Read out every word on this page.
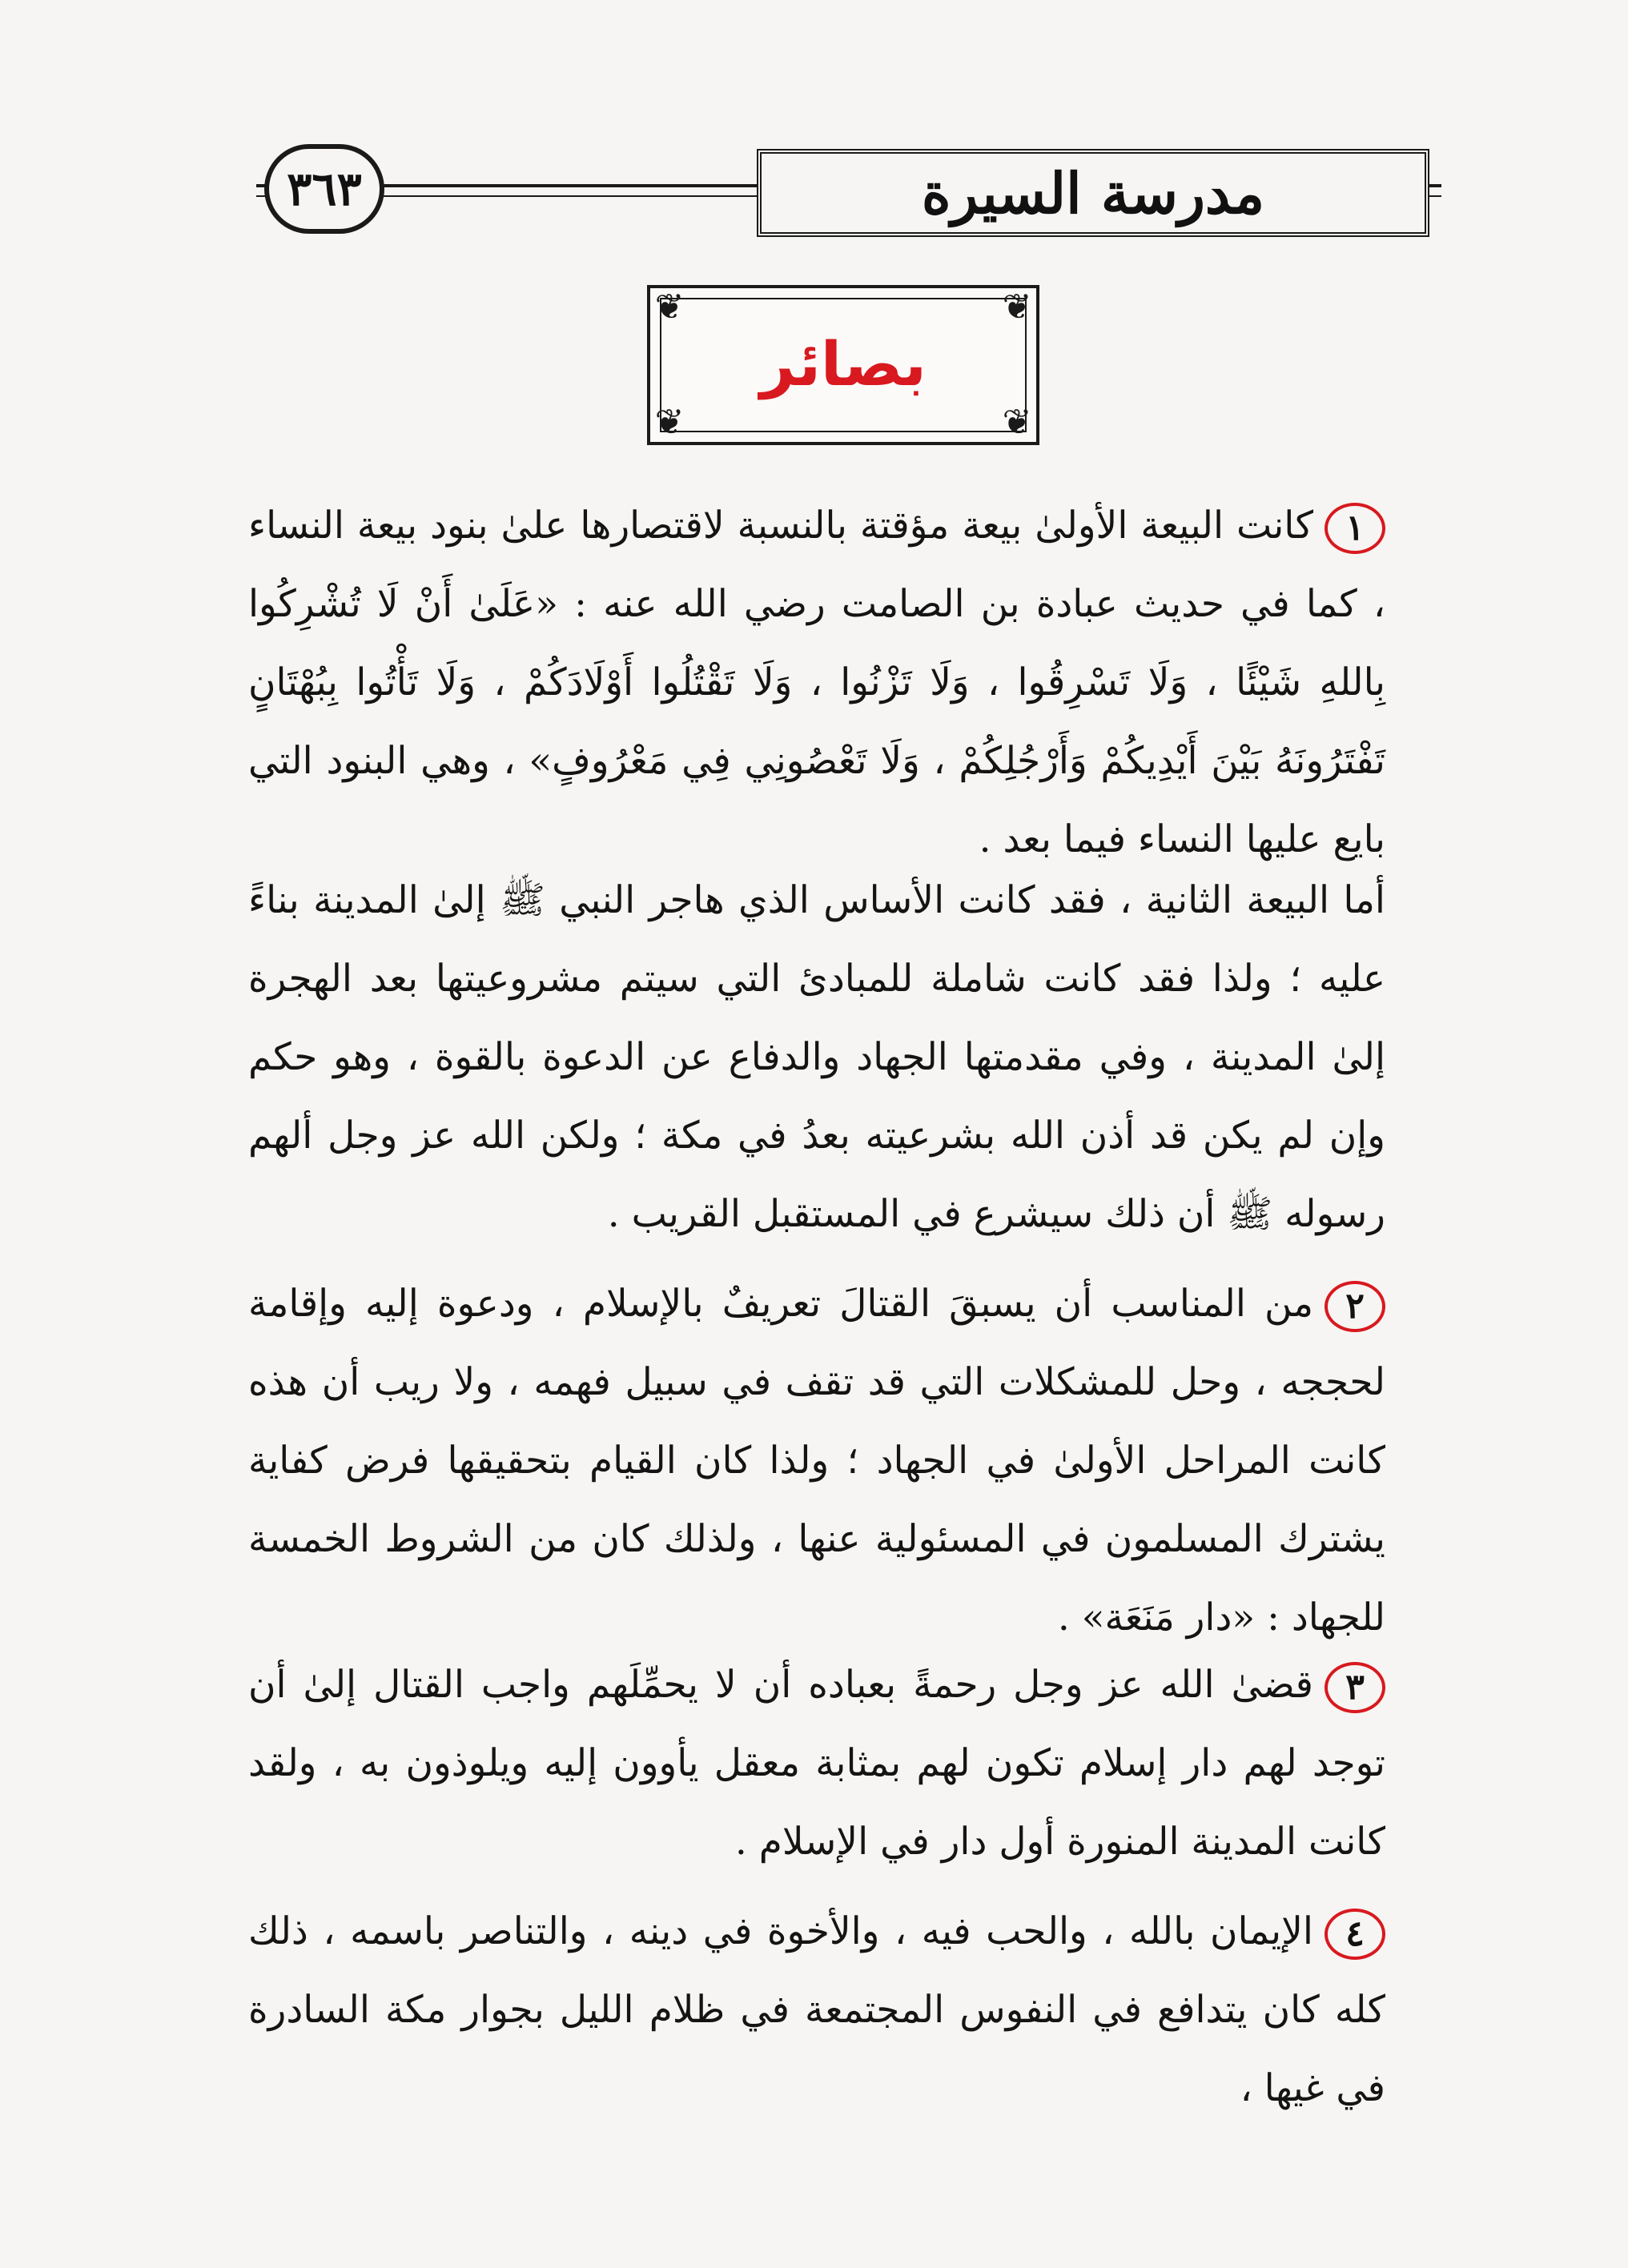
٣٦٣	مدرسة السيرة
❦	❦
❦	❦
بصائر

١كانت البيعة الأولىٰ بيعة مؤقتة بالنسبة لاقتصارها علىٰ بنود بيعة النساء ، كما في حديث عبادة بن الصامت رضي الله عنه : «عَلَىٰ أَنْ لَا تُشْرِكُوا بِاللهِ شَيْئًا ، وَلَا تَسْرِقُوا ، وَلَا تَزْنُوا ، وَلَا تَقْتُلُوا أَوْلَادَكُمْ ، وَلَا تَأْتُوا بِبُهْتَانٍ تَفْتَرُونَهُ بَيْنَ أَيْدِيكُمْ وَأَرْجُلِكُمْ ، وَلَا تَعْصُونِي فِي مَعْرُوفٍ» ، وهي البنود التي بايع عليها النساء فيما بعد .

أما البيعة الثانية ، فقد كانت الأساس الذي هاجر النبي ﷺ إلىٰ المدينة بناءً عليه ؛ ولذا فقد كانت شاملة للمبادئ التي سيتم مشروعيتها بعد الهجرة إلىٰ المدينة ، وفي مقدمتها الجهاد والدفاع عن الدعوة بالقوة ، وهو حكم وإن لم يكن قد أذن الله بشرعيته بعدُ في مكة ؛ ولكن الله عز وجل ألهم رسوله ﷺ أن ذلك سيشرع في المستقبل القريب .

٢من المناسب أن يسبقَ القتالَ تعريفٌ بالإسلام ، ودعوة إليه وإقامة لحججه ، وحل للمشكلات التي قد تقف في سبيل فهمه ، ولا ريب أن هذه كانت المراحل الأولىٰ في الجهاد ؛ ولذا كان القيام بتحقيقها فرض كفاية يشترك المسلمون في المسئولية عنها ، ولذلك كان من الشروط الخمسة للجهاد : «دار مَنَعَة» .

٣قضىٰ الله عز وجل رحمةً بعباده أن لا يحمِّلَهم واجب القتال إلىٰ أن توجد لهم دار إسلام تكون لهم بمثابة معقل يأوون إليه ويلوذون به ، ولقد كانت المدينة المنورة أول دار في الإسلام .

٤الإيمان بالله ، والحب فيه ، والأخوة في دينه ، والتناصر باسمه ، ذلك كله كان يتدافع في النفوس المجتمعة في ظلام الليل بجوار مكة السادرة في غيها ،
